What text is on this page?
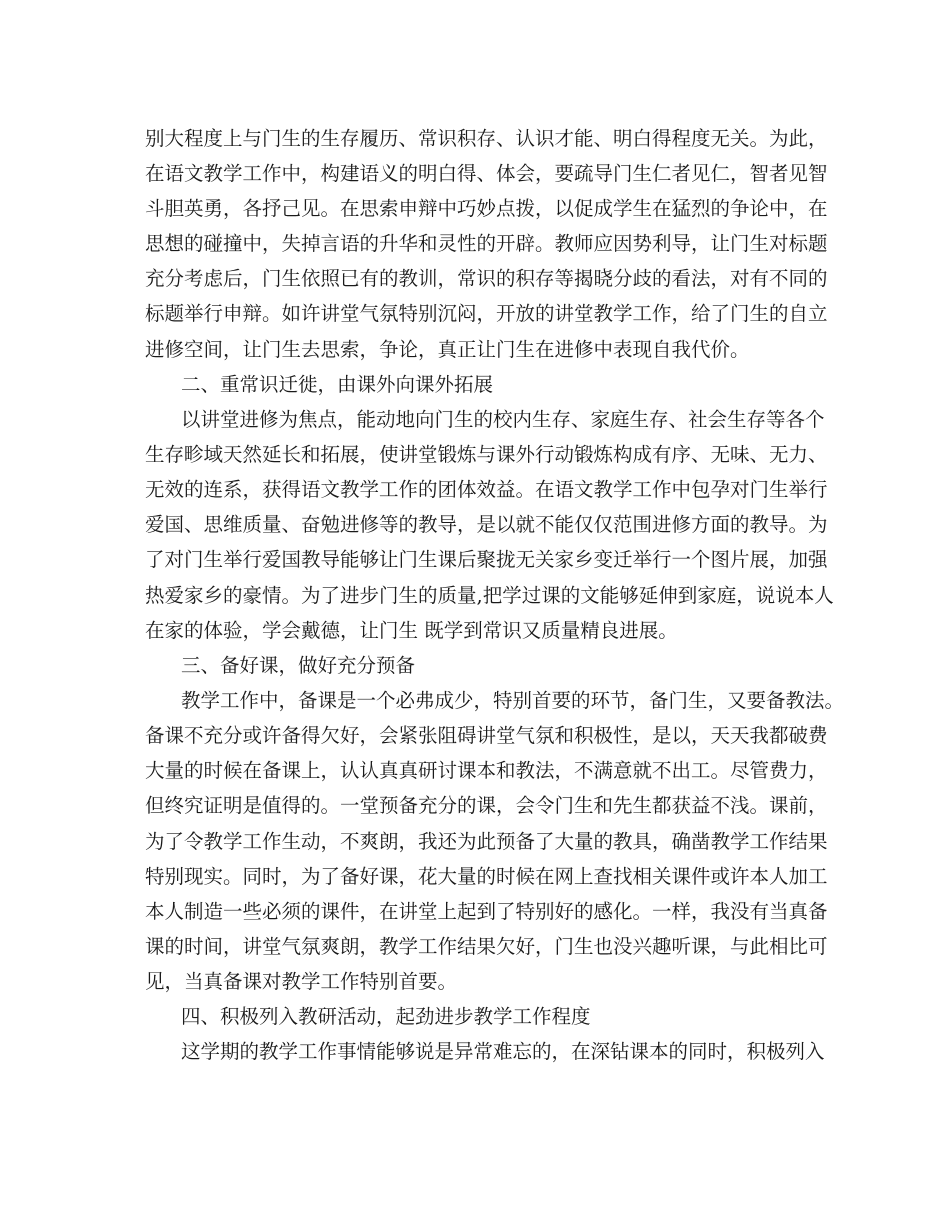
别大程度上与门生的生存履历、常识积存、认识才能、明白得程度无关。为此，
在语文教学工作中，构建语义的明白得、体会，要疏导门生仁者见仁，智者见智
斗胆英勇，各抒己见。在思索申辩中巧妙点拨，以促成学生在猛烈的争论中，在
思想的碰撞中，失掉言语的升华和灵性的开辟。教师应因势利导，让门生对标题
充分考虑后，门生依照已有的教训，常识的积存等揭晓分歧的看法，对有不同的
标题举行申辩。如许讲堂气氛特别沉闷，开放的讲堂教学工作，给了门生的自立
进修空间，让门生去思索，争论，真正让门生在进修中表现自我代价。
二、重常识迁徙，由课外向课外拓展
以讲堂进修为焦点，能动地向门生的校内生存、家庭生存、社会生存等各个
生存畛域天然延长和拓展，使讲堂锻炼与课外行动锻炼构成有序、无味、无力、
无效的连系，获得语文教学工作的团体效益。在语文教学工作中包孕对门生举行
爱国、思维质量、奋勉进修等的教导，是以就不能仅仅范围进修方面的教导。为
了对门生举行爱国教导能够让门生课后聚拢无关家乡变迁举行一个图片展，加强
热爱家乡的豪情。为了进步门生的质量,把学过课的文能够延伸到家庭，说说本人
在家的体验，学会戴德，让门生 既学到常识又质量精良进展。
三、备好课，做好充分预备
教学工作中，备课是一个必弗成少，特别首要的环节，备门生，又要备教法。
备课不充分或许备得欠好，会紧张阻碍讲堂气氛和积极性，是以，天天我都破费
大量的时候在备课上，认认真真研讨课本和教法，不满意就不出工。尽管费力，
但终究证明是值得的。一堂预备充分的课，会令门生和先生都获益不浅。课前，
为了令教学工作生动，不爽朗，我还为此预备了大量的教具，确凿教学工作结果
特别现实。同时，为了备好课，花大量的时候在网上查找相关课件或许本人加工
本人制造一些必须的课件，在讲堂上起到了特别好的感化。一样，我没有当真备
课的时间，讲堂气氛爽朗，教学工作结果欠好，门生也没兴趣听课，与此相比可
见，当真备课对教学工作特别首要。
四、积极列入教研活动，起劲进步教学工作程度
这学期的教学工作事情能够说是异常难忘的，在深钻课本的同时，积极列入
